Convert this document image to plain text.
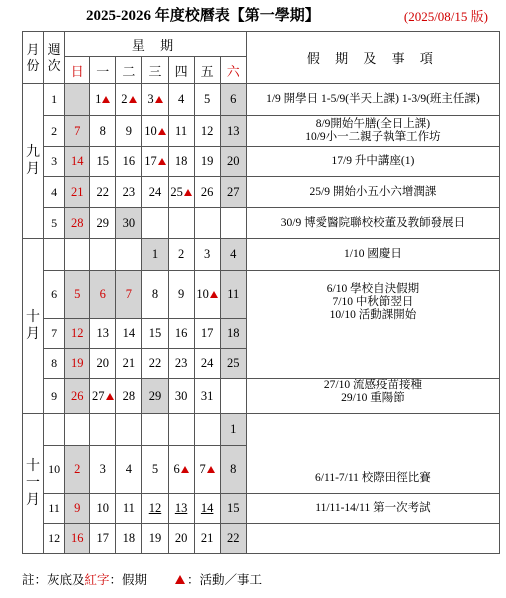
2025-2026 年度校曆表【第一學期】	(2025/08/15 版)
月
份	週
次	星 期							假 期 及 事 項
		日	一	二	三	四	五	六	
九
月	1		1	2	3	4	5	6	1/9 開學日 1-5/9(半天上課) 1-3/9(班主任課)

	2	7	8	9	10	11	12	13	8/9開始午膳(全日上課)
10/9小一二親子執筆工作坊

	3	14	15	16	17	18	19	20	17/9 升中講座(1)

	4	21	22	23	24	25	26	27	25/9 開始小五小六增潤課

	5	28	29	30					30/9 博愛醫院聯校校董及教師發展日

十
月					1	2	3	4	1/10 國慶日

	6	5	6	7	8	9	10	11	6/10 學校自決假期
7/10 中秋節翌日
10/10 活動課開始

	7	12	13	14	15	16	17	18	
	8	19	20	21	22	23	24	25	
	9	26	27	28	29	30	31		27/10 流感疫苗接種
29/10 重陽節

十
一
月								1	6/11-7/11 校際田徑比賽

	10	2	3	4	5	6	7	8	
	11	9	10	11	12	13	14	15	11/11-14/11 第一次考試

	12	16	17	18	19	20	21	22	
註：灰底及紅字：假期	：活動／事工
